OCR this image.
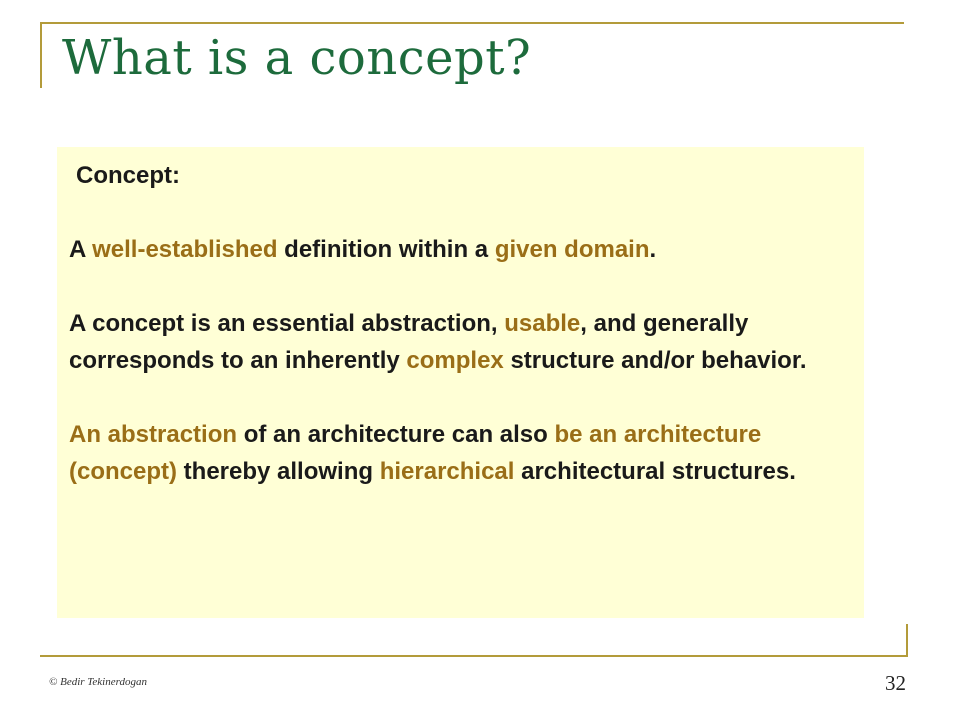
What is a concept?

Concept:

A well-established definition within a given domain.

A concept is an essential abstraction, usable, and generally corresponds to an inherently complex structure and/or behavior.

An abstraction of an architecture can also be an architecture (concept) thereby allowing hierarchical architectural structures.

© Bedir Tekinerdogan	32
